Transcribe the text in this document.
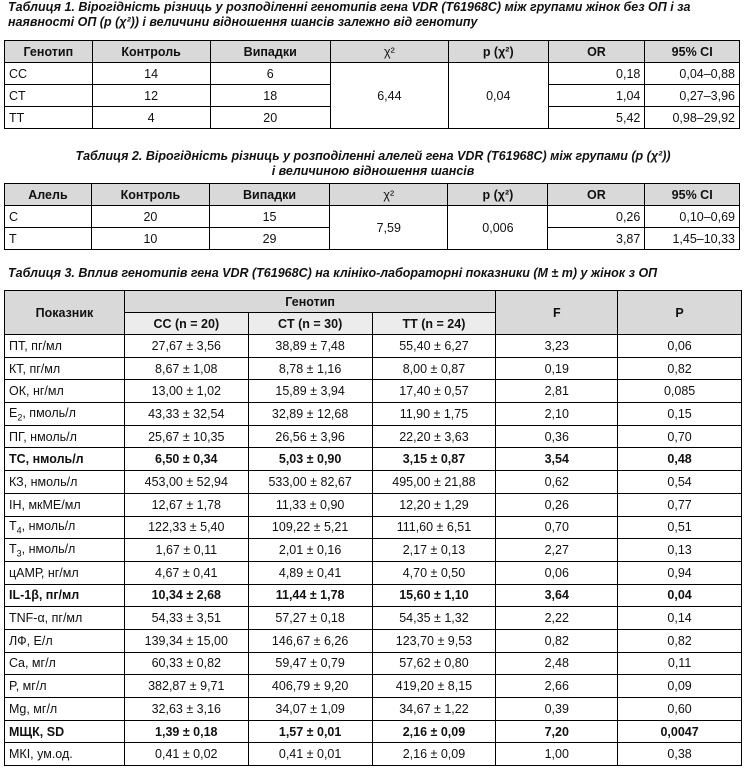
Таблиця 1. Вірогідність різниць у розподіленні генотипів гена VDR (T61968C) між групами жінок без ОП і за наявності ОП (p (χ²)) і величини відношення шансів залежно від генотипу
Генотип	Контроль	Випадки	χ²	p (χ²)	OR	95% CI
CC	14	6	6,44	0,04	0,18	0,04–0,88
CT	12	18			1,04	0,27–3,96
TT	4	20			5,42	0,98–29,92
Таблиця 2. Вірогідність різниць у розподіленні алелей гена VDR (T61968C) між групами (p (χ²))
і величиною відношення шансів
Алель	Контроль	Випадки	χ²	p (χ²)	OR	95% CI
C	20	15	7,59	0,006	0,26	0,10–0,69
T	10	29			3,87	1,45–10,33
Таблиця 3. Вплив генотипів гена VDR (T61968C) на клініко-лабораторні показники (M ± m) у жінок з ОП
Показник	Генотип			F	P
	CC (n = 20)	CT (n = 30)	TT (n = 24)		
ПТ, пг/мл	27,67 ± 3,56	38,89 ± 7,48	55,40 ± 6,27	3,23	0,06
КТ, пг/мл	8,67 ± 1,08	8,78 ± 1,16	8,00 ± 0,87	0,19	0,82
ОК, нг/мл	13,00 ± 1,02	15,89 ± 3,94	17,40 ± 0,57	2,81	0,085
$E_2$, пмоль/л	43,33 ± 32,54	32,89 ± 12,68	11,90 ± 1,75	2,10	0,15
ПГ, нмоль/л	25,67 ± 10,35	26,56 ± 3,96	22,20 ± 3,63	0,36	0,70
ТС, нмоль/л	6,50 ± 0,34	5,03 ± 0,90	3,15 ± 0,87	3,54	0,48
КЗ, нмоль/л	453,00 ± 52,94	533,00 ± 82,67	495,00 ± 21,88	0,62	0,54
ІН, мкМЕ/мл	12,67 ± 1,78	11,33 ± 0,90	12,20 ± 1,29	0,26	0,77
$T_4$, нмоль/л	122,33 ± 5,40	109,22 ± 5,21	111,60 ± 6,51	0,70	0,51
$T_3$, нмоль/л	1,67 ± 0,11	2,01 ± 0,16	2,17 ± 0,13	2,27	0,13
цАМР, нг/мл	4,67 ± 0,41	4,89 ± 0,41	4,70 ± 0,50	0,06	0,94
IL-1β, пг/мл	10,34 ± 2,68	11,44 ± 1,78	15,60 ± 1,10	3,64	0,04
TNF-α, пг/мл	54,33 ± 3,51	57,27 ± 0,18	54,35 ± 1,32	2,22	0,14
ЛФ, Е/л	139,34 ± 15,00	146,67 ± 6,26	123,70 ± 9,53	0,82	0,82
Ca, мг/л	60,33 ± 0,82	59,47 ± 0,79	57,62 ± 0,80	2,48	0,11
P, мг/л	382,87 ± 9,71	406,79 ± 9,20	419,20 ± 8,15	2,66	0,09
Mg, мг/л	32,63 ± 3,16	34,07 ± 1,09	34,67 ± 1,22	0,39	0,60
МЩК, SD	1,39 ± 0,18	1,57 ± 0,01	2,16 ± 0,09	7,20	0,0047
МКІ, ум.од.	0,41 ± 0,02	0,41 ± 0,01	2,16 ± 0,09	1,00	0,38
